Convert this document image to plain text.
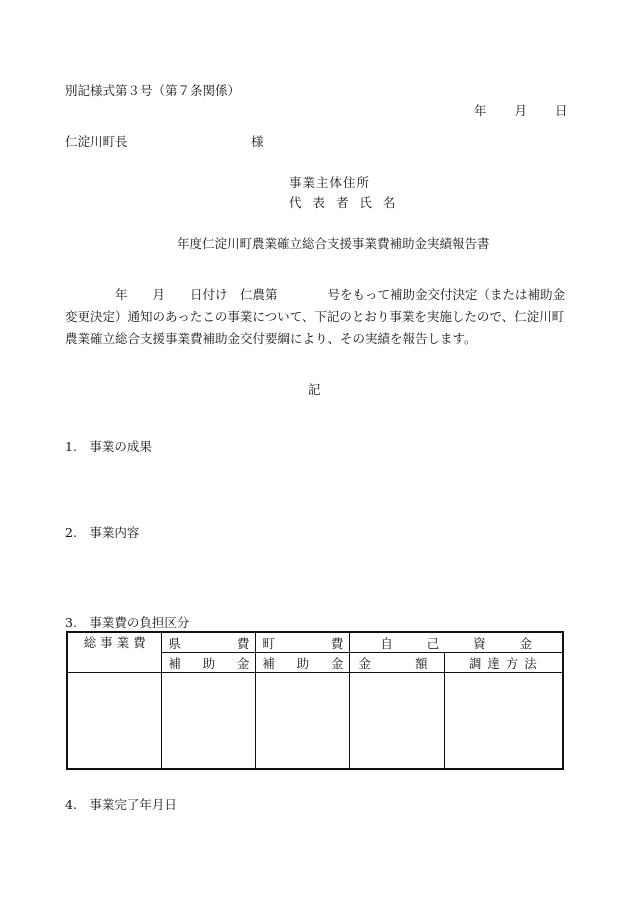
別記様式第３号（第７条関係）
年 月 日
仁淀川町長	様
事業主体住所
代 表 者 氏 名
年度仁淀川町農業確立総合支援事業費補助金実績報告書
　　　　年　　月　　日付け　仁農第　　　　号をもって補助金交付決定（または補助金変更決定）通知のあったこの事業について、下記のとおり事業を実施したので、仁淀川町農業確立総合支援事業費補助金交付要綱により、その実績を報告します。
記
1.　事業の成果
2.　事業内容
3.　事業費の負担区分
総 事 業 費	県 費	町 費	自 己 資 金	

	補 助 金	補 助 金	金 額	調 達 方 法

4.　事業完了年月日
